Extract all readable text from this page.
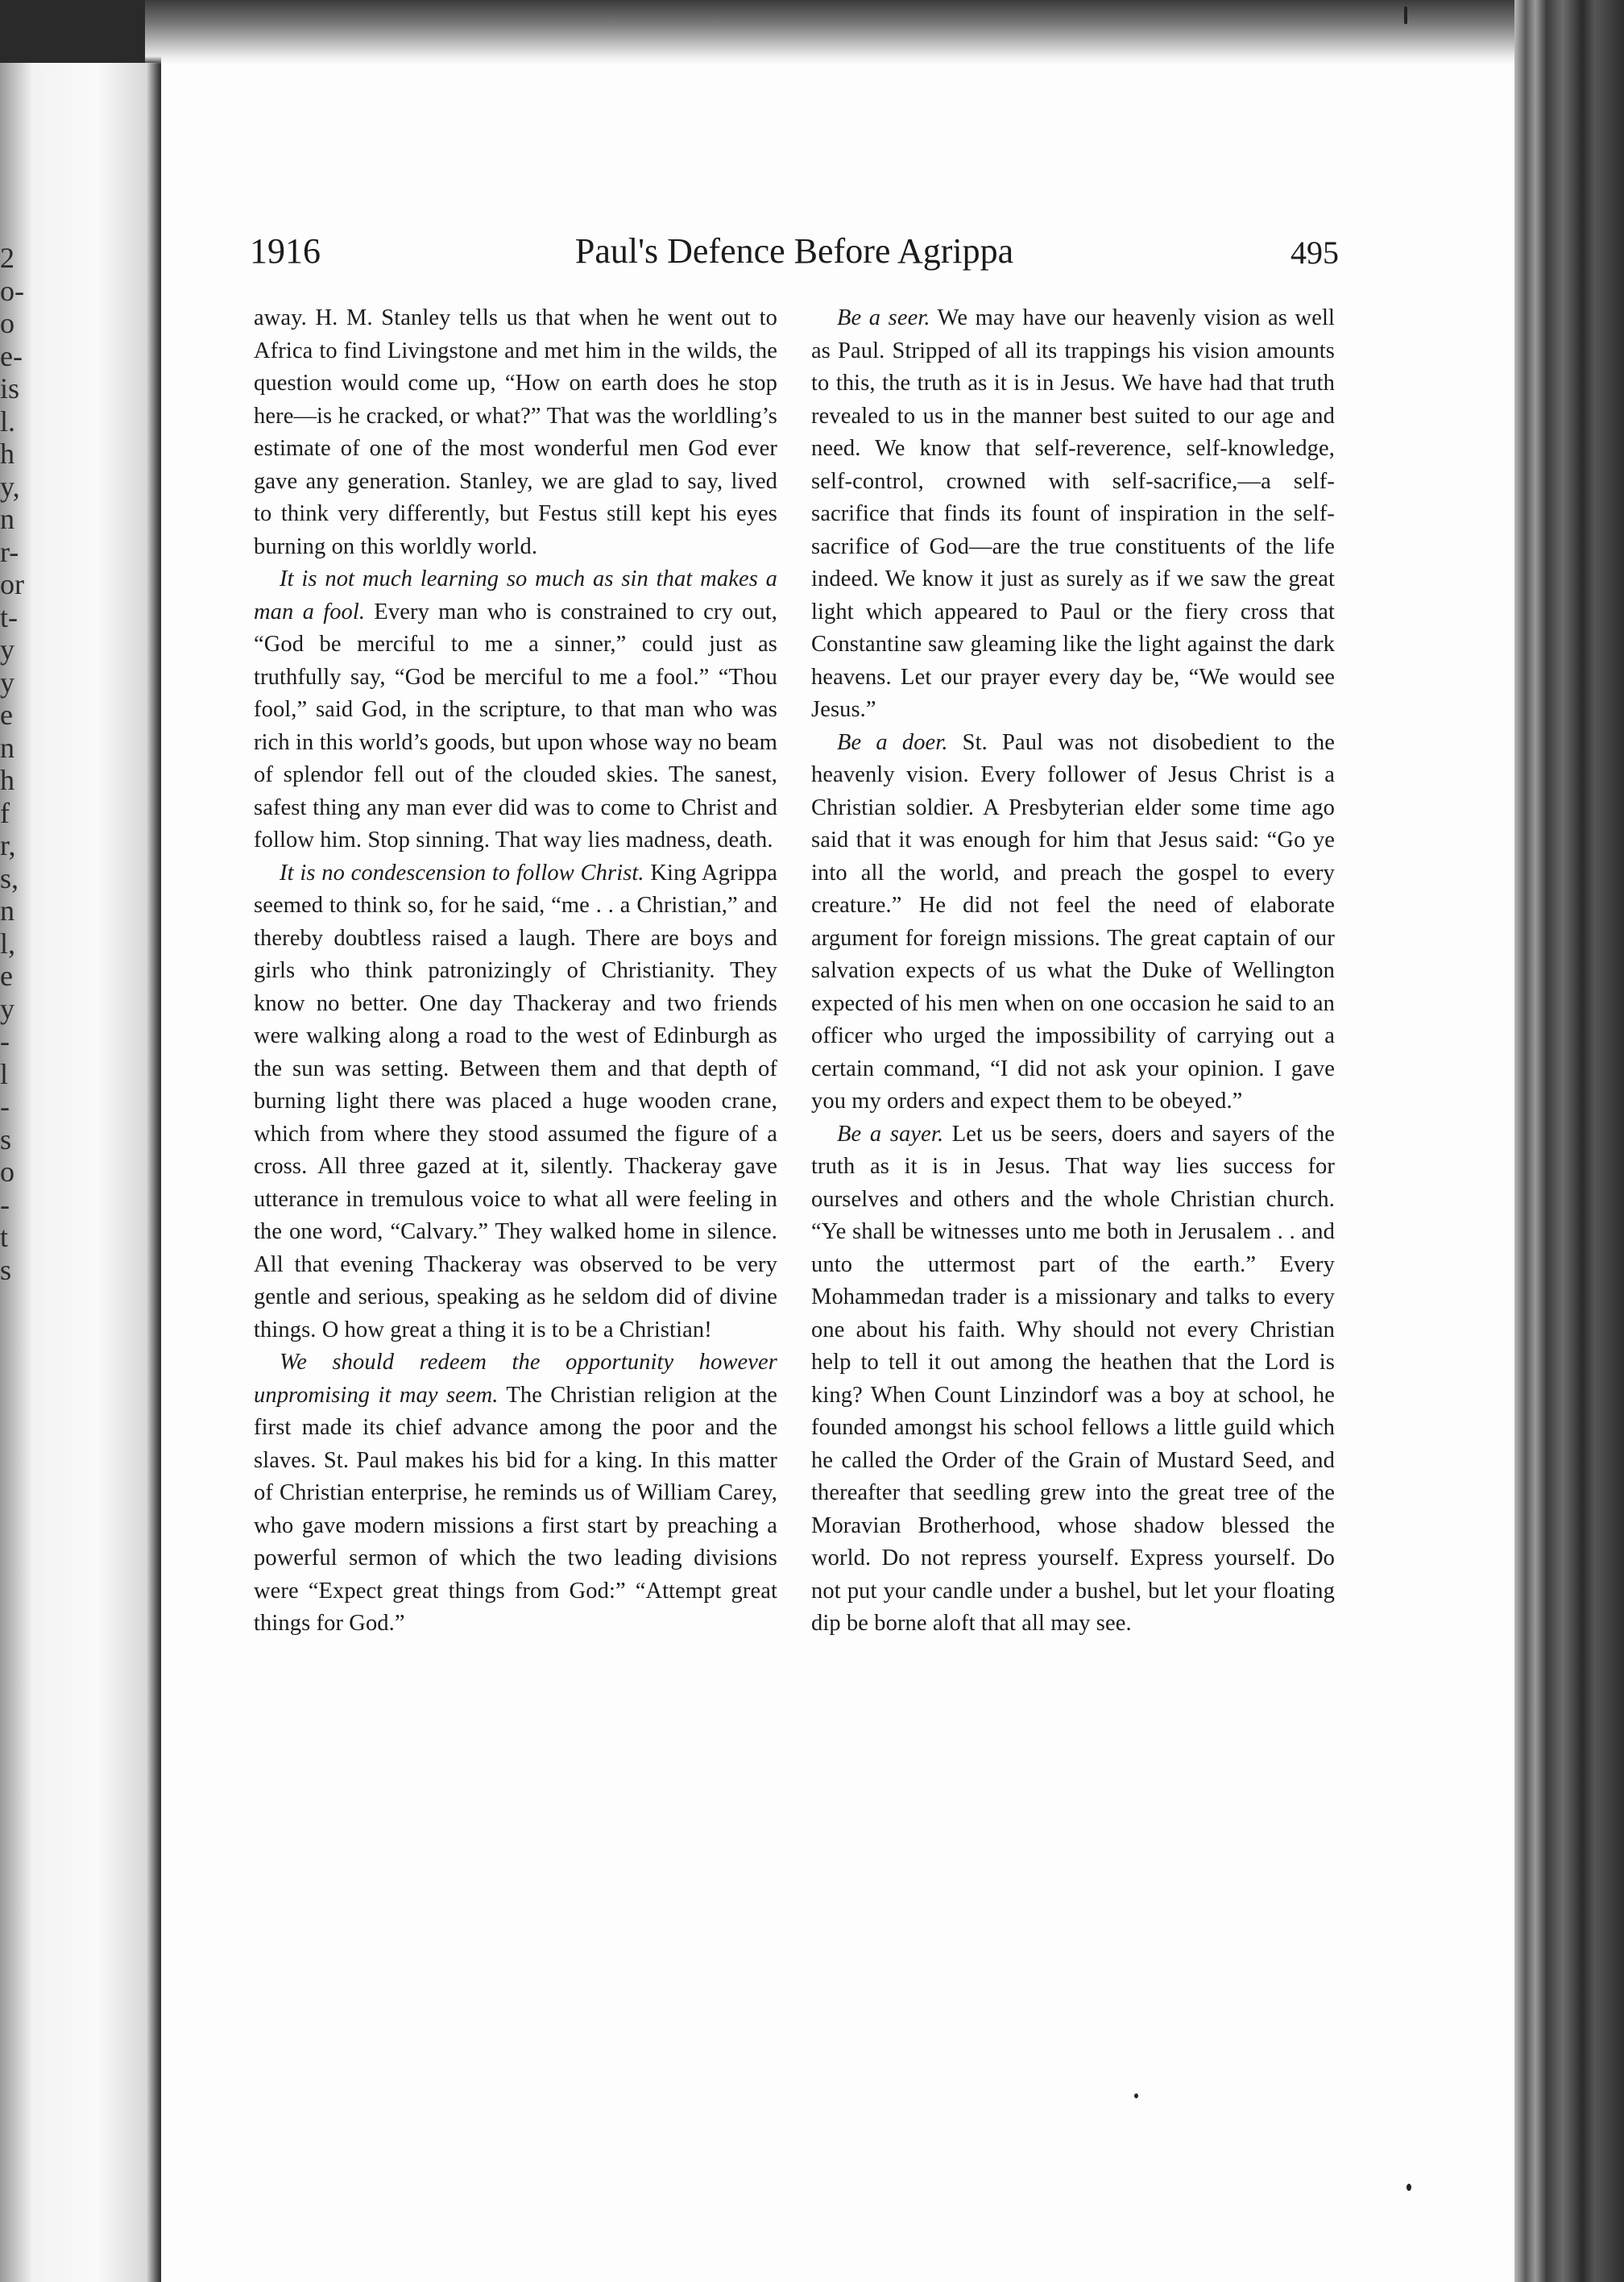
2
o-
o
e-
is
l.
h
y,
n
r-
or
t-
y
y
e
n
h
f
r,
s,
n
l,
e
y
-
l
-
s
o
-
t
s
1916	Paul's Defence Before Agrippa	495

away. H. M. Stanley tells us that when he went out to Africa to find Livingstone and met him in the wilds, the question would come up, “How on earth does he stop here—is he cracked, or what?” That was the worldling’s estimate of one of the most wonderful men God ever gave any generation. Stanley, we are glad to say, lived to think very differently, but Festus still kept his eyes burning on this worldly world.

It is not much learning so much as sin that makes a man a fool. Every man who is constrained to cry out, “God be merciful to me a sinner,” could just as truthfully say, “God be merciful to me a fool.” “Thou fool,” said God, in the scripture, to that man who was rich in this world’s goods, but upon whose way no beam of splendor fell out of the clouded skies. The sanest, safest thing any man ever did was to come to Christ and follow him. Stop sinning. That way lies madness, death.

It is no condescension to follow Christ. King Agrippa seemed to think so, for he said, “me . . a Christian,” and thereby doubtless raised a laugh. There are boys and girls who think patronizingly of Christianity. They know no better. One day Thackeray and two friends were walking along a road to the west of Edinburgh as the sun was setting. Between them and that depth of burning light there was placed a huge wooden crane, which from where they stood assumed the figure of a cross. All three gazed at it, silently. Thackeray gave utterance in tremulous voice to what all were feeling in the one word, “Calvary.” They walked home in silence. All that evening Thackeray was observed to be very gentle and serious, speaking as he seldom did of divine things. O how great a thing it is to be a Christian!

We should redeem the opportunity however unpromising it may seem. The Christian religion at the first made its chief advance among the poor and the slaves. St. Paul makes his bid for a king. In this matter of Christian enterprise, he reminds us of William Carey, who gave modern missions a first start by preaching a powerful sermon of which the two leading divisions were “Expect great things from God:” “Attempt great things for God.”

Be a seer. We may have our heavenly vision as well as Paul. Stripped of all its trappings his vision amounts to this, the truth as it is in Jesus. We have had that truth revealed to us in the manner best suited to our age and need. We know that self-reverence, self-knowledge, self-control, crowned with self-sacrifice,—a self-sacrifice that finds its fount of inspiration in the self-sacrifice of God—are the true constituents of the life indeed. We know it just as surely as if we saw the great light which appeared to Paul or the fiery cross that Constantine saw gleaming like the light against the dark heavens. Let our prayer every day be, “We would see Jesus.”

Be a doer. St. Paul was not disobedient to the heavenly vision. Every follower of Jesus Christ is a Christian soldier. A Presbyterian elder some time ago said that it was enough for him that Jesus said: “Go ye into all the world, and preach the gospel to every creature.” He did not feel the need of elaborate argument for foreign missions. The great captain of our salvation expects of us what the Duke of Wellington expected of his men when on one occasion he said to an officer who urged the impossibility of carrying out a certain command, “I did not ask your opinion. I gave you my orders and expect them to be obeyed.”

Be a sayer. Let us be seers, doers and sayers of the truth as it is in Jesus. That way lies success for ourselves and others and the whole Christian church. “Ye shall be witnesses unto me both in Jerusalem . . and unto the uttermost part of the earth.” Every Mohammedan trader is a missionary and talks to every one about his faith. Why should not every Christian help to tell it out among the heathen that the Lord is king? When Count Linzindorf was a boy at school, he founded amongst his school fellows a little guild which he called the Order of the Grain of Mustard Seed, and thereafter that seedling grew into the great tree of the Moravian Brotherhood, whose shadow blessed the world. Do not repress yourself. Express yourself. Do not put your candle under a bushel, but let your floating dip be borne aloft that all may see.
